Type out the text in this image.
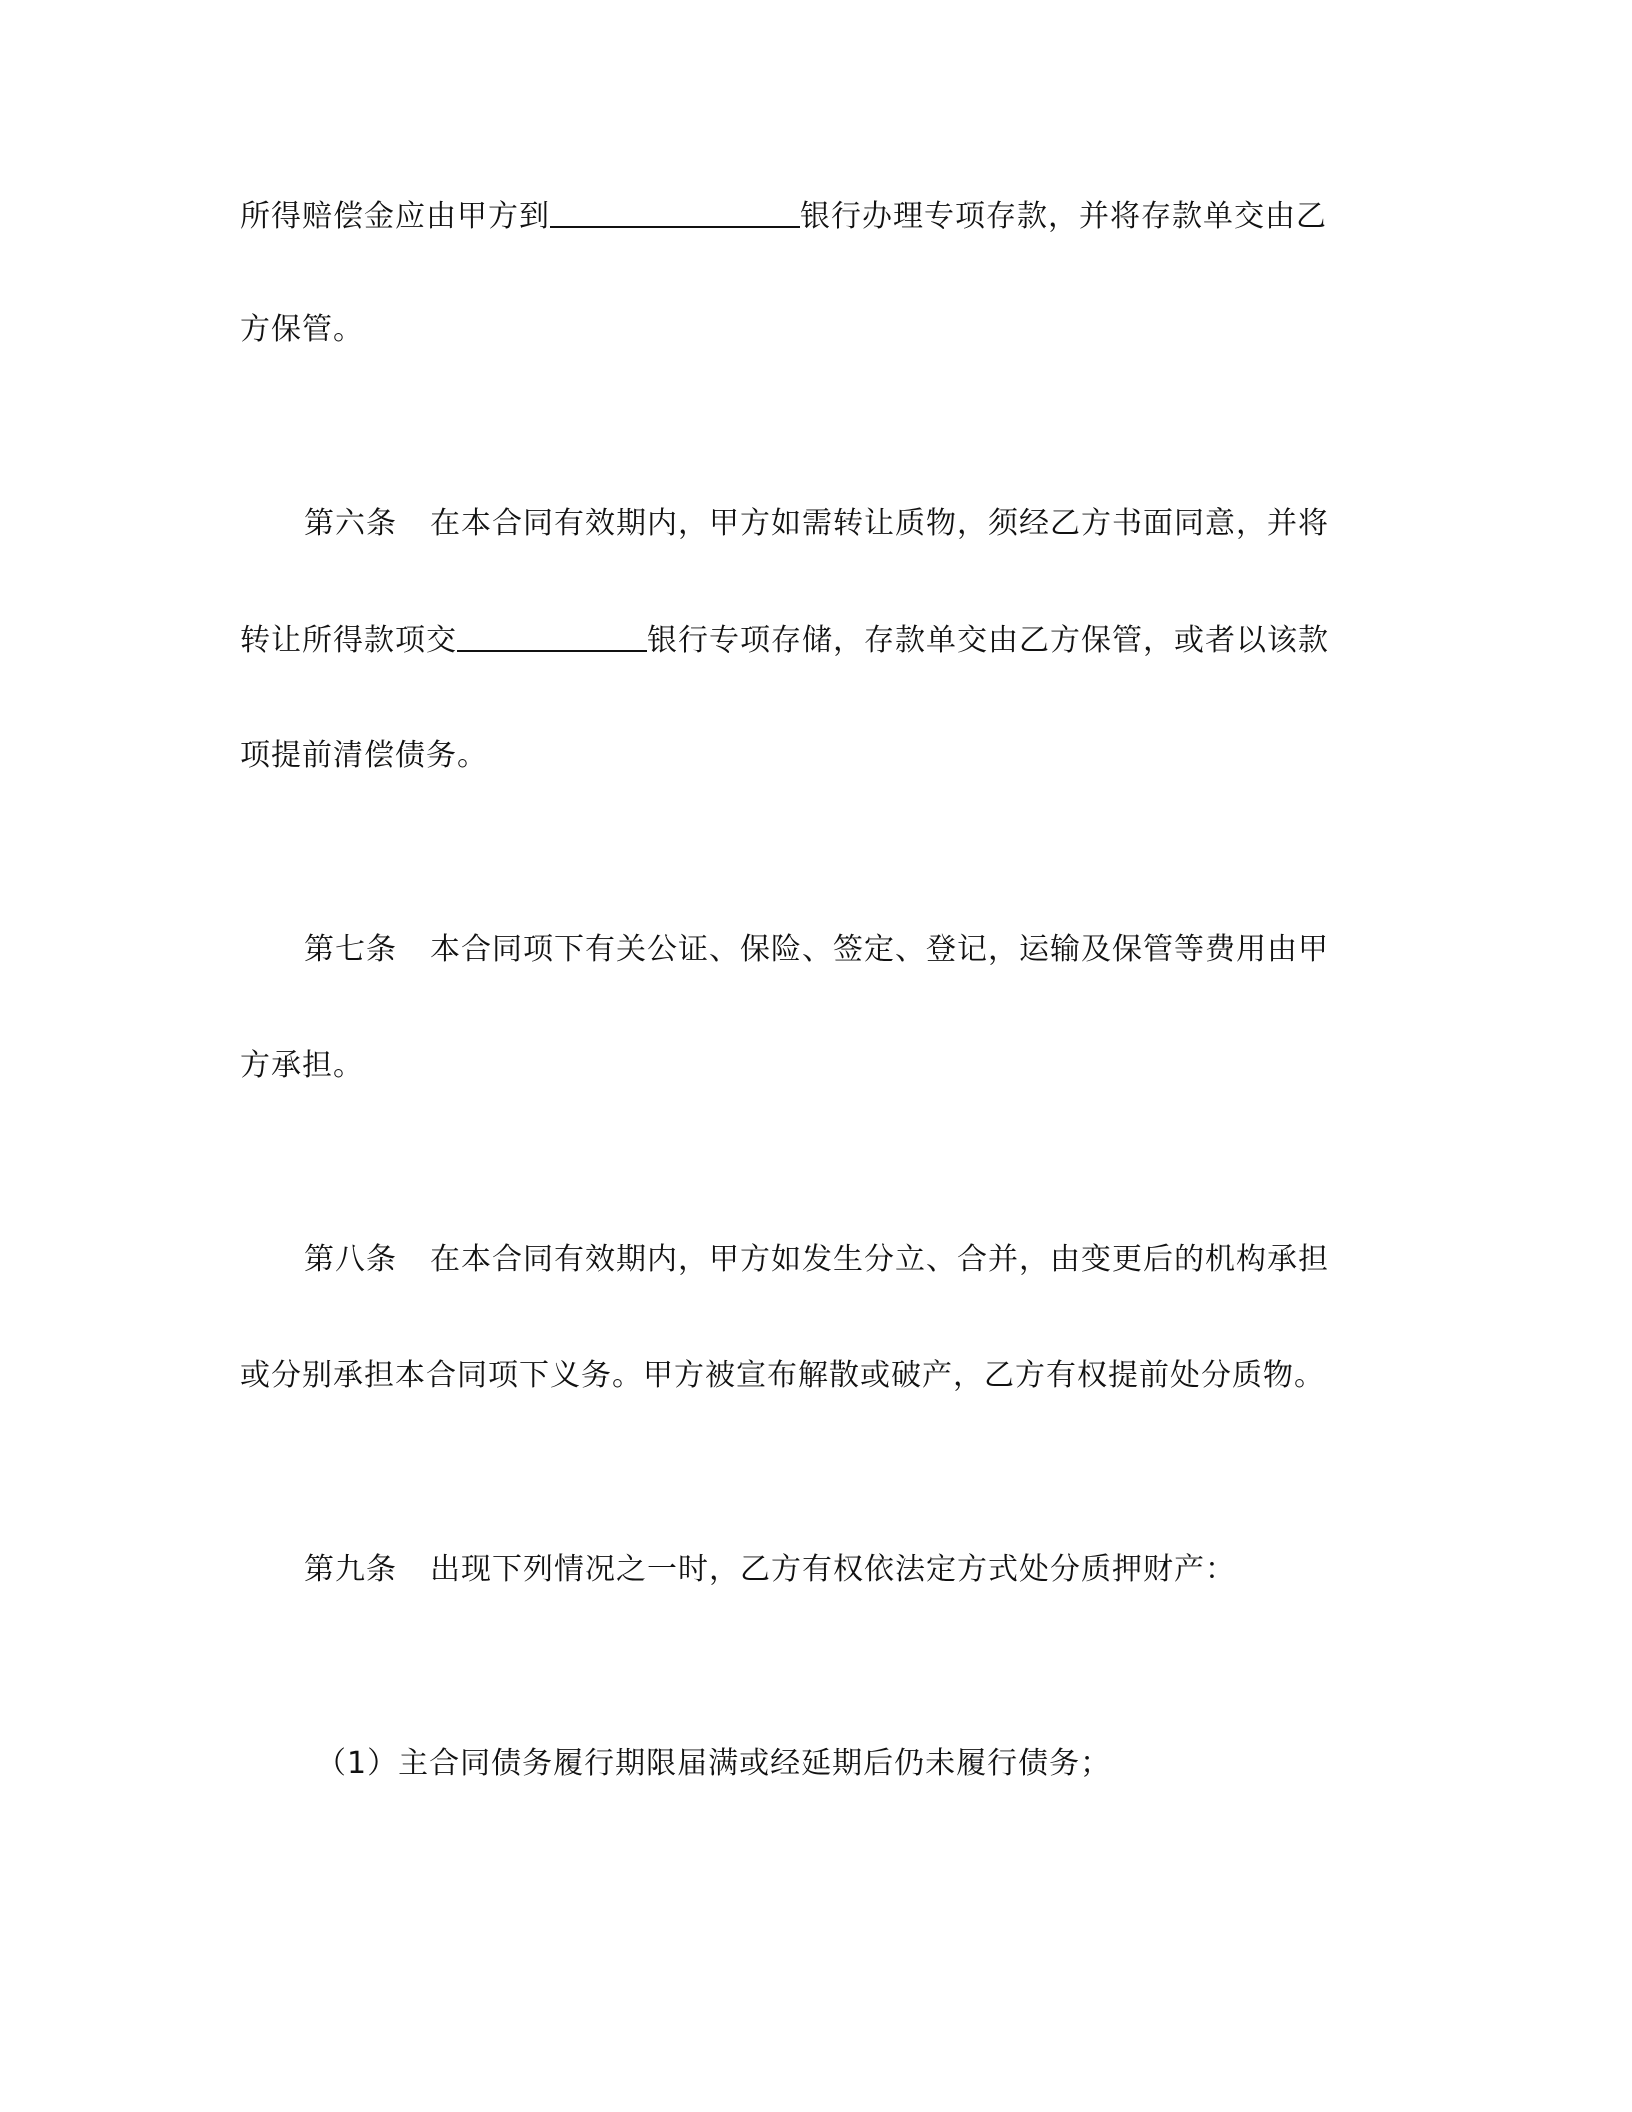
所得赔偿金应由甲方到	银行办理专项存款，并将存款单交由乙
方保管。
第六条 在本合同有效期内，甲方如需转让质物，须经乙方书面同意，并将
转让所得款项交	银行专项存储，存款单交由乙方保管，或者以该款
项提前清偿债务。
第七条 本合同项下有关公证、保险、签定、登记，运输及保管等费用由甲
方承担。
第八条 在本合同有效期内，甲方如发生分立、合并，由变更后的机构承担
或分别承担本合同项下义务。甲方被宣布解散或破产，乙方有权提前处分质物。
第九条 出现下列情况之一时，乙方有权依法定方式处分质押财产：
（1）主合同债务履行期限届满或经延期后仍未履行债务；
